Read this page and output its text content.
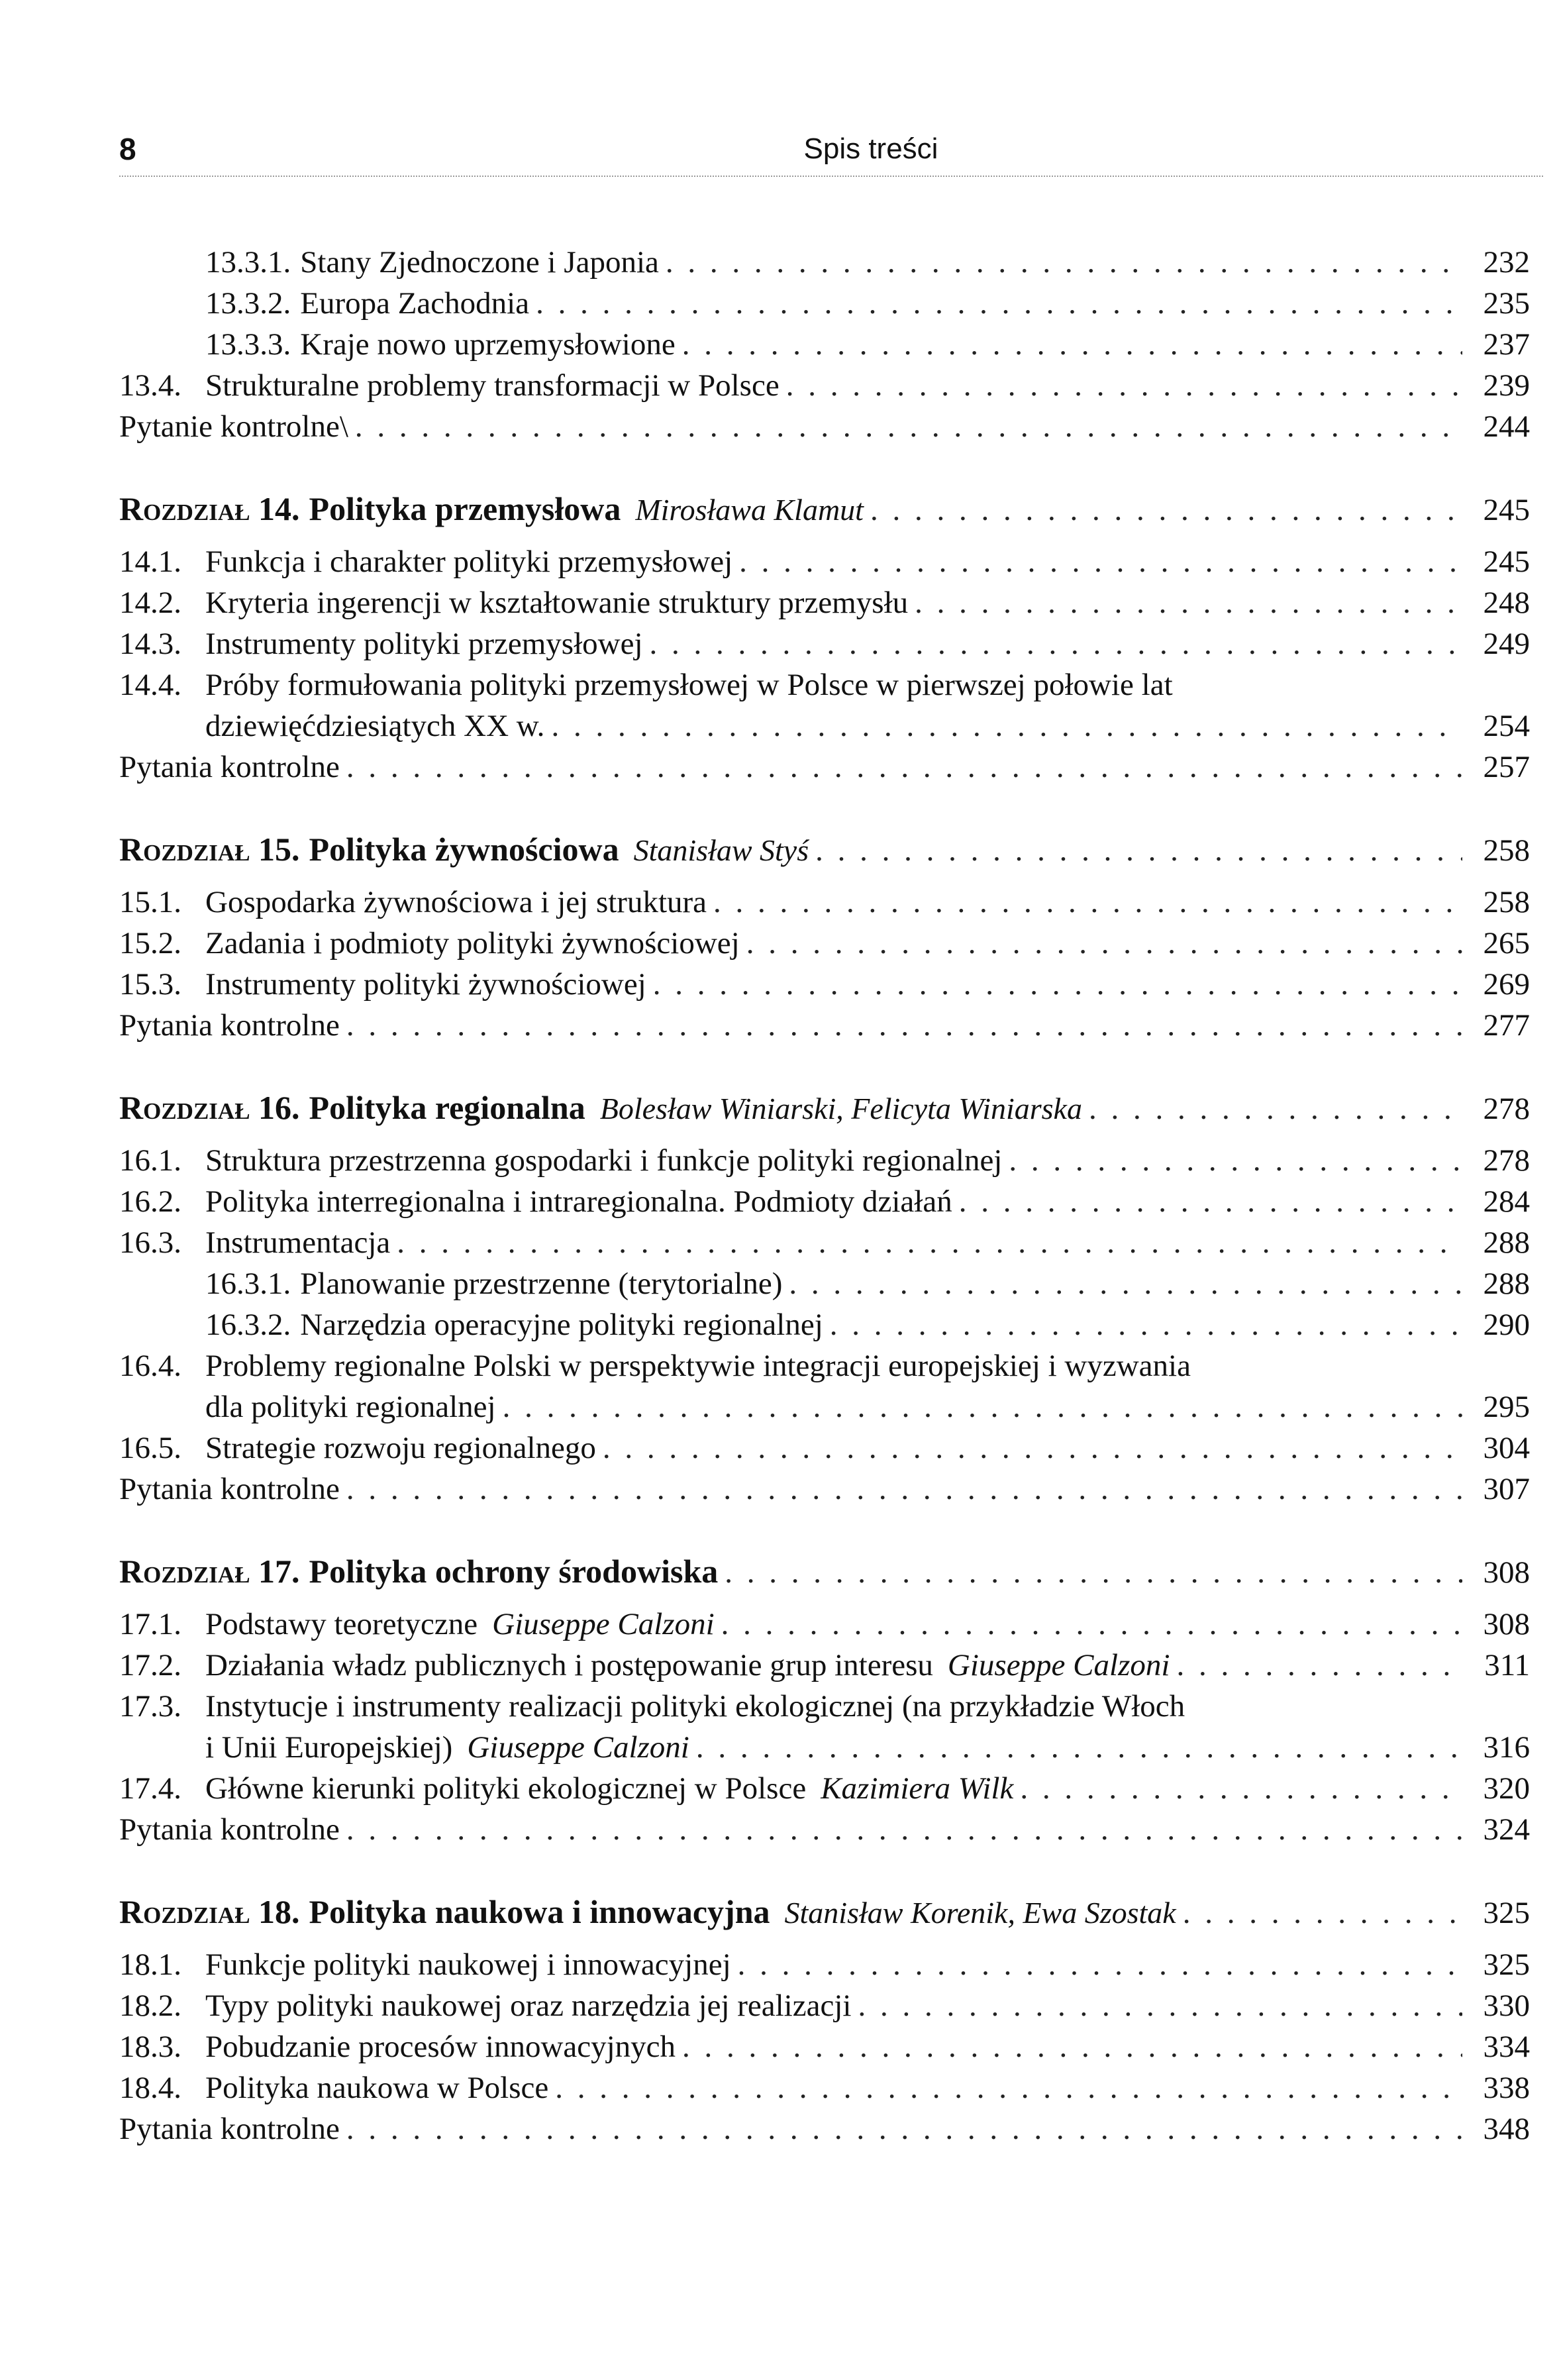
8	Spis treści
13.3.1. Stany Zjednoczone i Japonia . . .	232
13.3.2. Europa Zachodnia . . .	235
13.3.3. Kraje nowo uprzemysłowione . . .	237
13.4. Strukturalne problemy transformacji w Polsce . . .	239
Pytanie kontrolne\ . . .	244
Rozdział 14. Polityka przemysłowa Mirosława Klamut . . .	245
14.1. Funkcja i charakter polityki przemysłowej . . .	245
14.2. Kryteria ingerencji w kształtowanie struktury przemysłu . . .	248
14.3. Instrumenty polityki przemysłowej . . .	249
14.4. Próby formułowania polityki przemysłowej w Polsce w pierwszej połowie lat
dziewięćdziesiątych XX w. . . .	254
Pytania kontrolne . . .	257
Rozdział 15. Polityka żywnościowa Stanisław Styś . . .	258
15.1. Gospodarka żywnościowa i jej struktura . . .	258
15.2. Zadania i podmioty polityki żywnościowej . . .	265
15.3. Instrumenty polityki żywnościowej . . .	269
Pytania kontrolne . . .	277
Rozdział 16. Polityka regionalna Bolesław Winiarski, Felicyta Winiarska . . .	278
16.1. Struktura przestrzenna gospodarki i funkcje polityki regionalnej . . .	278
16.2. Polityka interregionalna i intraregionalna. Podmioty działań . . .	284
16.3. Instrumentacja . . .	288
16.3.1. Planowanie przestrzenne (terytorialne) . . .	288
16.3.2. Narzędzia operacyjne polityki regionalnej . . .	290
16.4. Problemy regionalne Polski w perspektywie integracji europejskiej i wyzwania
dla polityki regionalnej . . .	295
16.5. Strategie rozwoju regionalnego . . .	304
Pytania kontrolne . . .	307
Rozdział 17. Polityka ochrony środowiska . . .	308
17.1. Podstawy teoretyczne Giuseppe Calzoni . . .	308
17.2. Działania władz publicznych i postępowanie grup interesu Giuseppe Calzoni . . .	311
17.3. Instytucje i instrumenty realizacji polityki ekologicznej (na przykładzie Włoch
i Unii Europejskiej) Giuseppe Calzoni . . .	316
17.4. Główne kierunki polityki ekologicznej w Polsce Kazimiera Wilk . . .	320
Pytania kontrolne . . .	324
Rozdział 18. Polityka naukowa i innowacyjna Stanisław Korenik, Ewa Szostak . . .	325
18.1. Funkcje polityki naukowej i innowacyjnej . . .	325
18.2. Typy polityki naukowej oraz narzędzia jej realizacji . . .	330
18.3. Pobudzanie procesów innowacyjnych . . .	334
18.4. Polityka naukowa w Polsce . . .	338
Pytania kontrolne . . .	348
